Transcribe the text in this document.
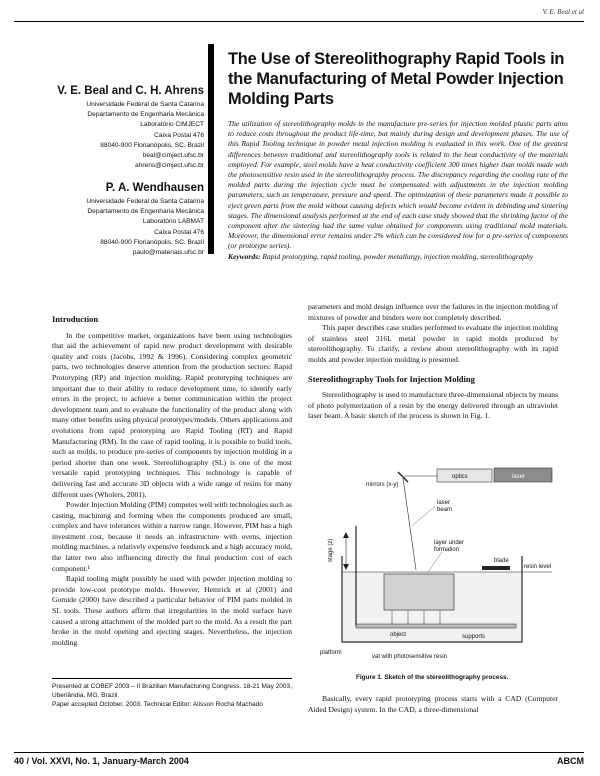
V. E. Beal et al
The Use of Stereolithography Rapid Tools in the Manufacturing of Metal Powder Injection Molding Parts
V. E. Beal and C. H. Ahrens
Universidade Federal de Santa Catarina
Departamento de Engenharia Mecânica
Laboratório CIMJECT
Caixa Postal 476
88040-900 Florianópolis, SC. Brazil
beal@cimject.ufsc.br
ahrens@cimject.ufsc.br
P. A. Wendhausen
Universidade Federal de Santa Catarina
Departamento de Engenharia Mecânica
Laboratório LABMAT
Caixa Postal 476
88040-900 Florianópolis, SC. Brazil
paulo@materiais.ufsc.br
The utilization of stereolithography molds in the manufacture pre-series for injection molded plastic parts aims to reduce costs throughout the product life-time, but mainly during design and development phases. The use of this Rapid Tooling technique in powder metal injection molding is evaluated in this work. One of the greatest differences between traditional and stereolithography tools is related to the heat conductivity of the materials employed. For example, steel molds have a heat conductivity coefficient 300 times higher than molds made with the photosensitive resin used in the stereolithography process. The discrepancy regarding the cooling rate of the molded parts during the injection cycle must be compensated with adjustments in the injection molding parameters, such as temperature, pressure and speed. The optimization of these parameters made it possible to eject green parts from the mold without causing defects which would become evident in debinding and sintering stages. The dimensional analysis performed at the end of each case study showed that the shrinking factor of the component after the sintering had the same value obtained for components using traditional mold materials. Moreover, the dimensional error remains under 2% which can be considered low for a pre-series of components (or prototype series).
Keywords: Rapid prototyping, rapid tooling, powder metallurgy, injection molding, stereolithography
Introduction

In the competitive market, organizations have been using technologies that aid the achievement of rapid new product development with desirable quality and costs (Jacobs, 1992 & 1996). Considering complex geometric parts, two technologies deserve attention from the production sectors: Rapid Prototyping (RP) and injection molding. Rapid prototyping techniques are important due to their ability to reduce development time, to identify early errors in the project, to achieve a better communication within the project development team and to evaluate the functionality of the product along with many other benefits using physical prototypes/models. Others applications and evolutions from rapid prototyping are Rapid Tooling (RT) and Rapid Manufacturing (RM). In the case of rapid tooling, it is possible to build tools, such as molds, to produce pre-series of components by injection molding in a period shorter than one week. Stereolithography (SL) is one of the most versatile rapid prototyping techniques. This technology is capable of delivering fast and accurate 3D objects with a wide range of resins for many different uses (Wholers, 2001).

Powder Injection Molding (PIM) competes well with technologies such as casting, machining and forming when the components produced are small, complex and have tolerances within a narrow range. However, PIM has a high investment cost, because it needs an infrastructure with ovens, injection molding machines, a relatively expensive feedstock and a high accuracy mold, the latter two also influencing directly the final production cost of each component.¹

Rapid tooling might possibly be used with powder injection molding to provide low-cost prototype molds. However, Hemrick et al (2001) and Gomide (2000) have described a particular behavior of PIM parts molded in SL tools. These authors affirm that irregularities in the mold surface have caused a strong attachment of the molded part to the mold. As a result the part broke in the mold opening and ejecting stages. Nevertheless, the injection molding

Presented at COBEF 2003 – II Brazilian Manufacturing Congress. 18-21 May 2003, Uberlândia, MG. Brazil.
Paper accepted October, 2003. Technical Editor: Alisson Rocha Machado

parameters and mold design influence over the failures in the injection molding of mixtures of powder and binders were not completely described.

This paper describes case studies performed to evaluate the injection molding of stainless steel 316L metal powder in rapid molds produced by stereolithography. To clarify, a review about stereolithography with its rapid molds and powder injection molding is presented.

Stereolithography Tools for Injection Molding

Stereolithography is used to manufacture three-dimensional objects by means of photo polymerization of a resin by the energy delivered through an ultraviolet laser beam. A basic sketch of the process is shown in Fig. 1.

optics	laser
mirrors (x-y)
laser beam
resin level
stage (z)
platform
object	supports
blade
layer under formation
vat with photosensitive resin
Figure 1. Sketch of the stereolithography process.

Basically, every rapid prototyping process starts with a CAD (Computer Aided Design) system. In the CAD, a three-dimensional

40 / Vol. XXVI, No. 1, January-March 2004	ABCM
